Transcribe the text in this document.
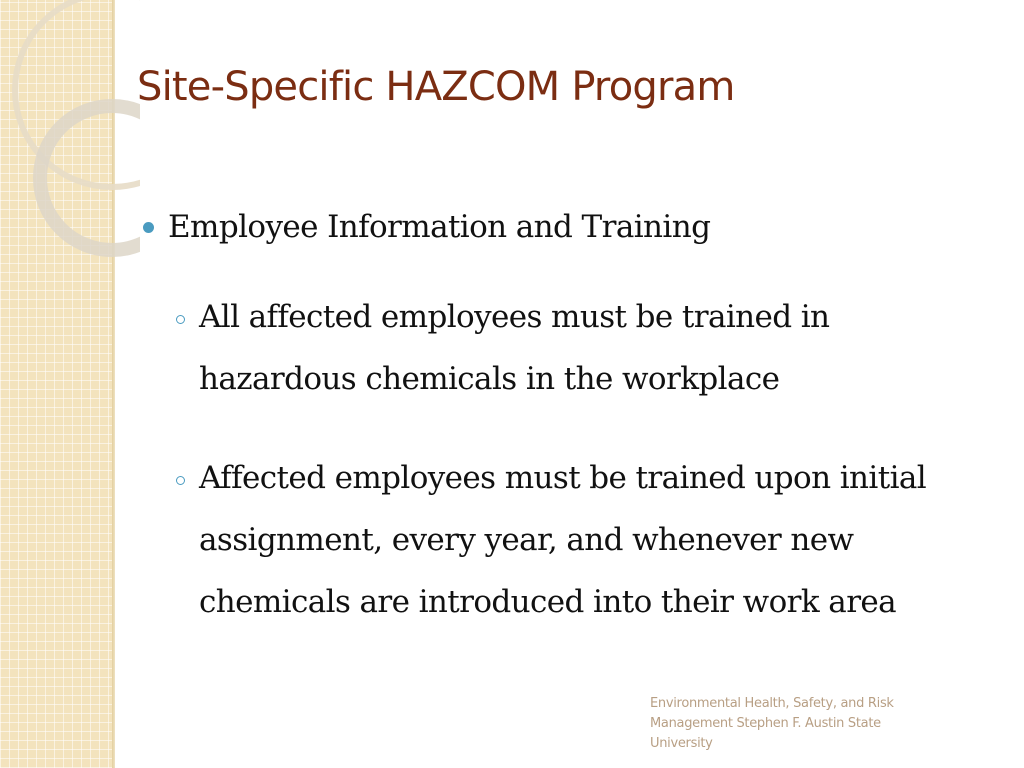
Site-Specific HAZCOM Program
Employee Information and Training
All affected employees must be trained in hazardous chemicals in the workplace
Affected employees must be trained upon initial assignment, every year, and whenever new chemicals are introduced into their work area
Environmental Health, Safety, and Risk Management Stephen F. Austin State University
